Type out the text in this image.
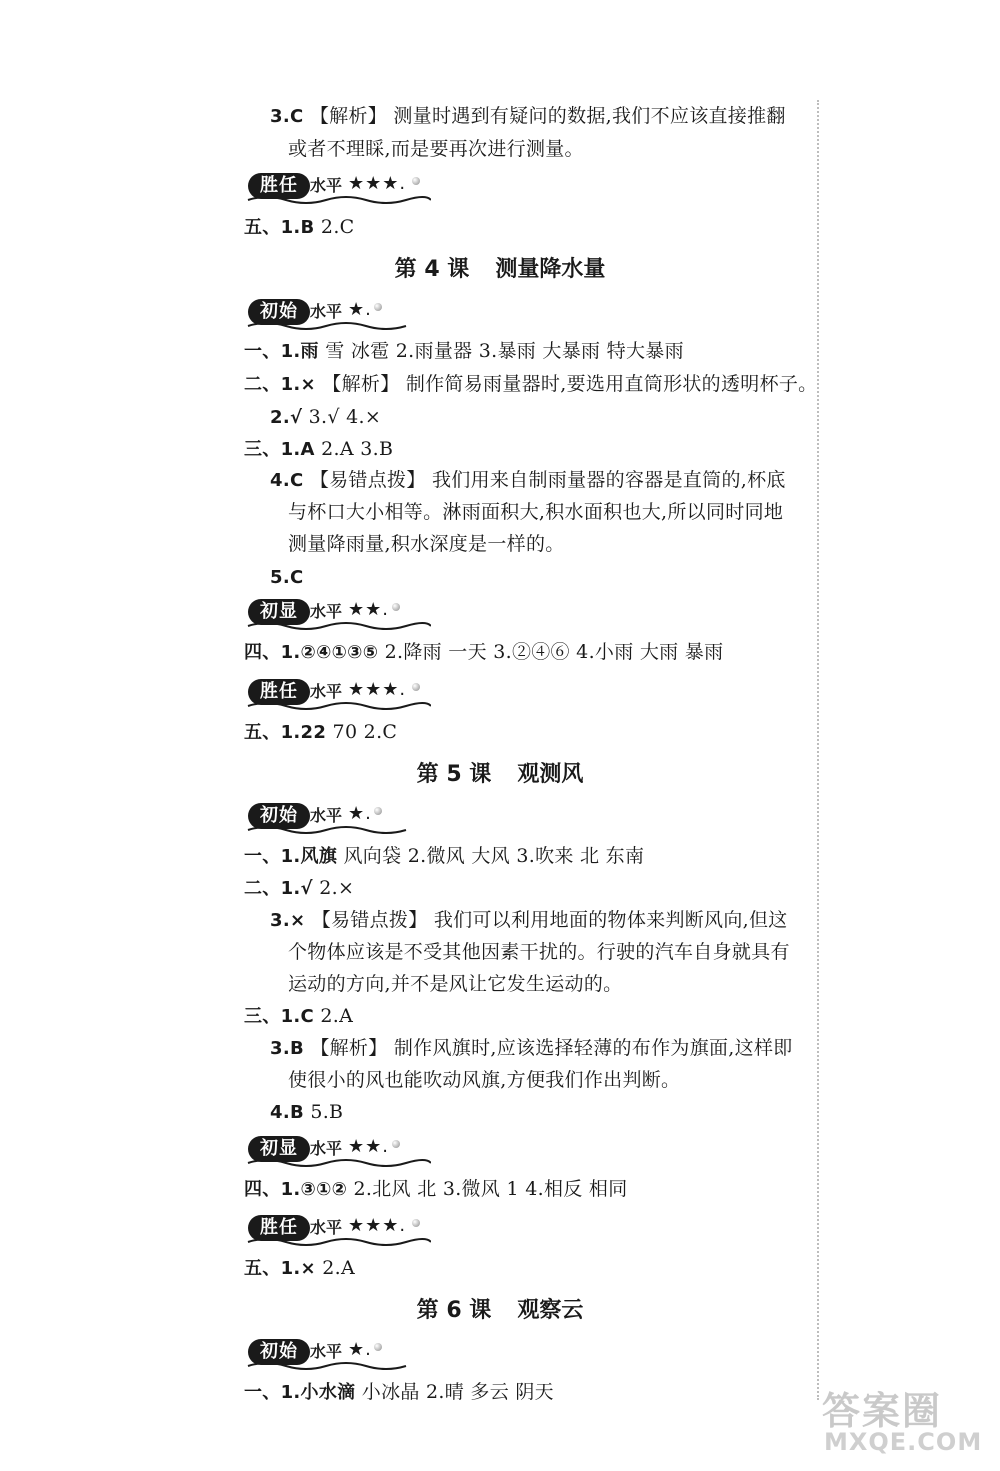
3.C 【解析】 测量时遇到有疑问的数据,我们不应该直接推翻
或者不理睬,而是要再次进行测量。
胜任 水平 ★★★.
五、1.B 2.C
第 4 课 测量降水量
初始 水平 ★.
一、1.雨 雪 冰雹 2.雨量器 3.暴雨 大暴雨 特大暴雨
二、1.× 【解析】 制作简易雨量器时,要选用直筒形状的透明杯子。
2.√ 3.√ 4.×
三、1.A 2.A 3.B
4.C 【易错点拨】 我们用来自制雨量器的容器是直筒的,杯底
与杯口大小相等。淋雨面积大,积水面积也大,所以同时同地
测量降雨量,积水深度是一样的。
5.C
初显 水平 ★★.
四、1.②④①③⑤ 2.降雨 一天 3.②④⑥ 4.小雨 大雨 暴雨
胜任 水平 ★★★.
五、1.22 70 2.C
第 5 课 观测风
初始 水平 ★.
一、1.风旗 风向袋 2.微风 大风 3.吹来 北 东南
二、1.√ 2.×
3.× 【易错点拨】 我们可以利用地面的物体来判断风向,但这
个物体应该是不受其他因素干扰的。行驶的汽车自身就具有
运动的方向,并不是风让它发生运动的。
三、1.C 2.A
3.B 【解析】 制作风旗时,应该选择轻薄的布作为旗面,这样即
使很小的风也能吹动风旗,方便我们作出判断。
4.B 5.B
初显 水平 ★★.
四、1.③①② 2.北风 北 3.微风 1 4.相反 相同
胜任 水平 ★★★.
五、1.× 2.A
第 6 课 观察云
初始 水平 ★.
一、1.小水滴 小冰晶 2.晴 多云 阴天	答案圈
MXQE.COM
